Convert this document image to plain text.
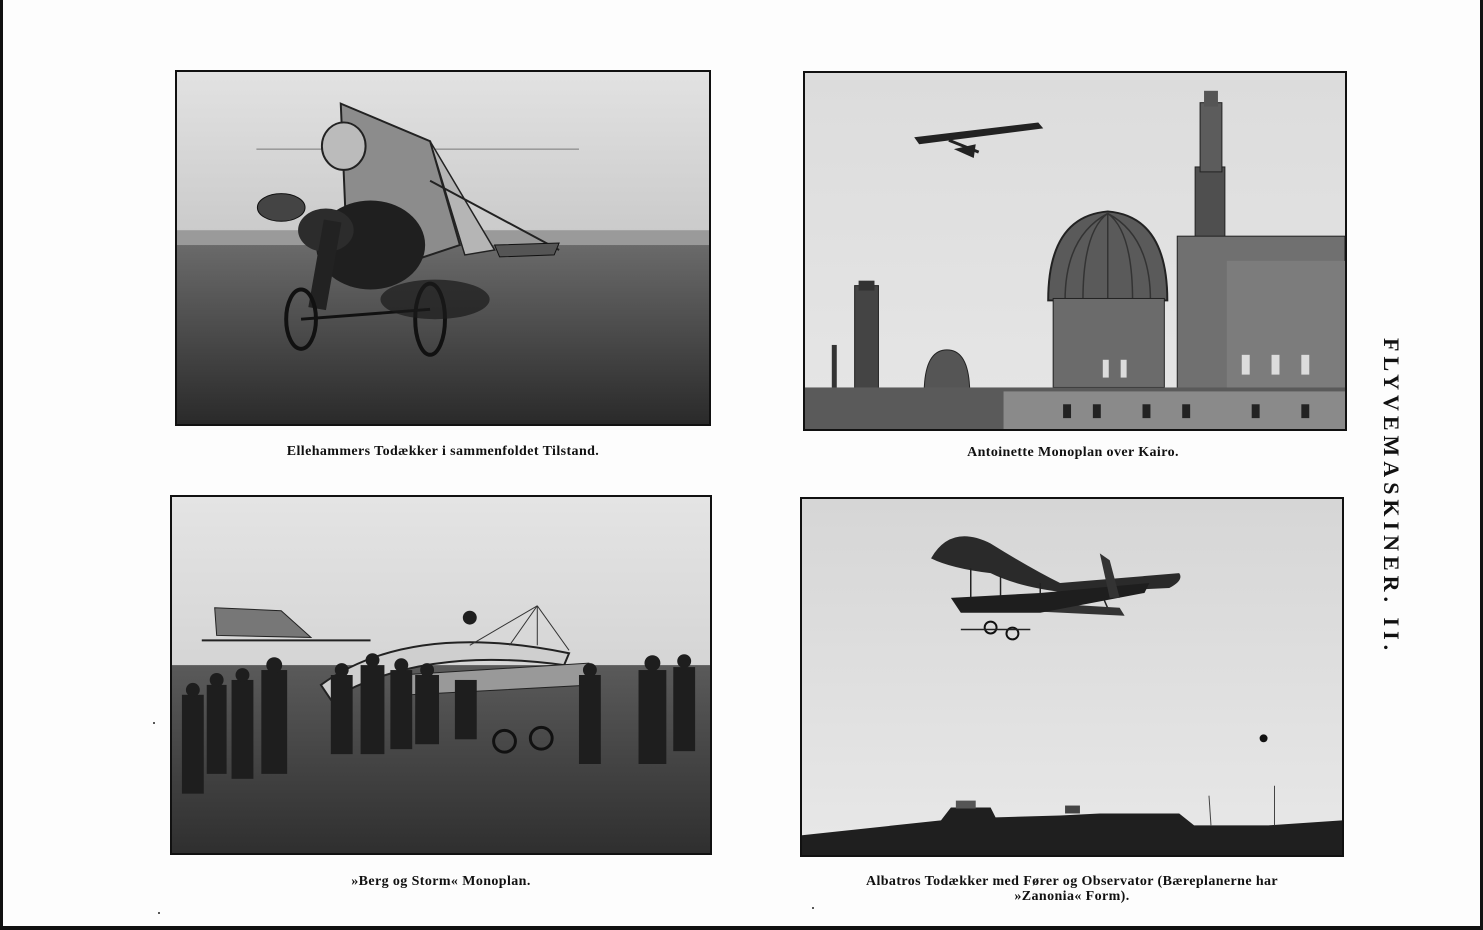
Ellehammers Todækker i sammenfoldet Tilstand.	Antoinette Monoplan over Kairo.
»Berg og Storm« Monoplan.	Albatros Todækker med Fører og Observator (Bæreplanerne har
»Zanonia« Form).
FLYVEMASKINER. II.
